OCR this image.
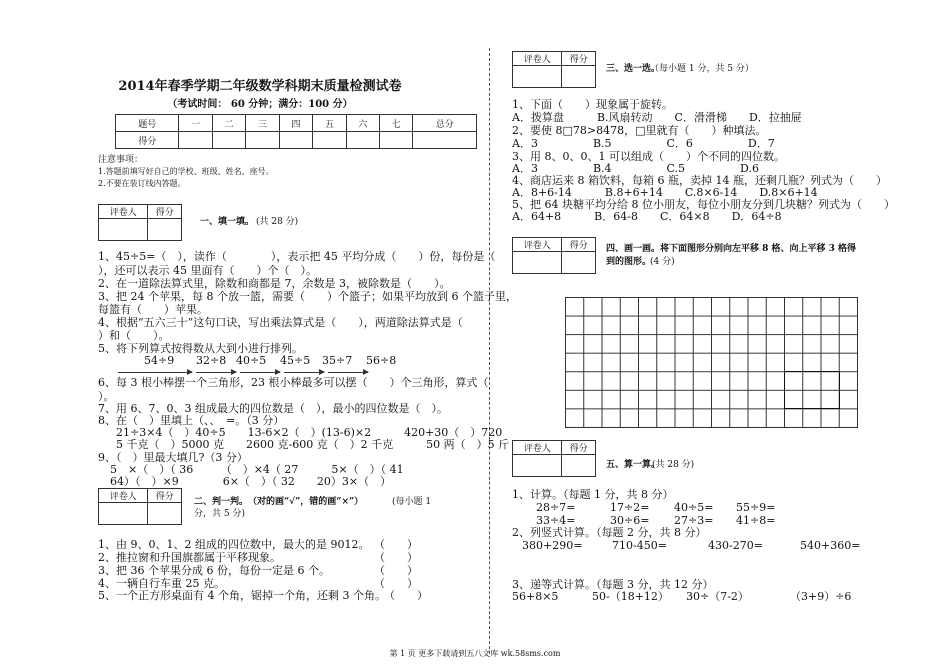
2014年春季学期二年级数学科期末质量检测试卷
（考试时间： 60 分钟；满分：100 分）
题号	一	二	三	四	五	六	七	总分
得分								
注意事项：
1.答题前填写好自己的学校、班级、姓名、座号。
2.不要在装订线内答题。
评卷人	得分

一、填一填。 (共 28 分)
1、45÷5=（　），读作（　　　　），表示把 45 平均分成（　　）份，每份是（
），还可以表示 45 里面有（　　）个（　）。
2、在一道除法算式里，除数和商都是 7，余数是 3，被除数是（　　）。
3、把 24 个苹果，每 8 个放一篮，需要（　　）个篮子；如果平均放到 6 个篮子里，
每篮有（　　）苹果。
4、根据“五六三十”这句口诀，写出乘法算式是（　　），两道除法算式是（
）和（　　）。
5、将下列算式按得数从大到小进行排列。
54÷9 32÷8 40÷5 45÷5 35÷7 56÷8
6、每 3 根小棒摆一个三角形，23 根小棒最多可以摆（　　）个三角形，算式（
）。
7、用 6、7、0、3 组成最大的四位数是（　），最小的四位数是（　）。
8、在（　）里填上（、、　=。（3 分）
21÷3×4（　）40÷5　　13-6×2（　）(13-6)×2　　　420+30（　）720
5 千克（　）5000 克　　2600 克-600 克（　）2 千克　　　50 两（　）5 斤
9、（　）里最大填几?（3 分）
5　×（　）（ 36　　　（　）×4（ 27　　　5×（　）（ 41
64）（　）×9　　　　6×（　）（ 32　　20）3×（　）
评卷人	得分
	二、判一判。 （对的画“√”，错的画“×”）	(每小题 1
分，共 5 分)
1、由 9、0、1、2 组成的四位数中，最大的是 9012。 （　　）
2、推拉窗和升国旗都属于平移现象。	（　　）
3、把 36 个苹果分成 6 份，每份一定是 6 个。	（　　）
4、一辆自行车重 25 克。	（　　）
5、一个正方形桌面有 4 个角，锯掉一个角，还剩 3 个角。
（　　）
评卷人	得分

三、选一选。
（每小题 1 分，共 5 分）
1、下面（　　）现象属于旋转。
A．拨算盘　　　B.风扇转动　　C．滑滑梯　　D．拉抽屉
2、要使 8□78>8478，□里就有（　　）种填法。
A．3　　　　　B.5　　　　　C．6　　　　　D．7
3、用 8、0、0、1 可以组成（　　）个不同的四位数。
A．3　　　　　B.4　　　　　C.5　　　　　D.6
4、商店运来 8 箱饮料，每箱 6 瓶，卖掉 14 瓶，还剩几瓶？列式为（　　）
A．8+6-14　　　B.8+6+14　　C.8×6-14　　D.8×6+14
5、把 64 块糖平均分给 8 位小朋友，每位小朋友分到几块糖？列式为（　　）
A．64+8　　　B．64-8　　C．64×8　　D．64÷8
评卷人	得分
	四、画一画。将下面图形分别向左平移 8 格、向上平移 3 格得
到的图形。
(4 分)
评卷人	得分

五、算一算。
(共 28 分)
1、计算。（每题 1 分，共 8 分）
28÷7=	17÷2= 40÷5= 55÷9=
33÷4=	30÷6= 27÷3= 41÷8=
2、列竖式计算。（每题 2 分，共 8 分）
380+290=	710-450=	430-270=	540+360=
3、递等式计算。（每题 3 分，共 12 分）
56+8×5	50-（18+12） 30÷（7-2）	（3+9）÷6
第 1 页 更多下载请到五八文库 wk.58sms.com
